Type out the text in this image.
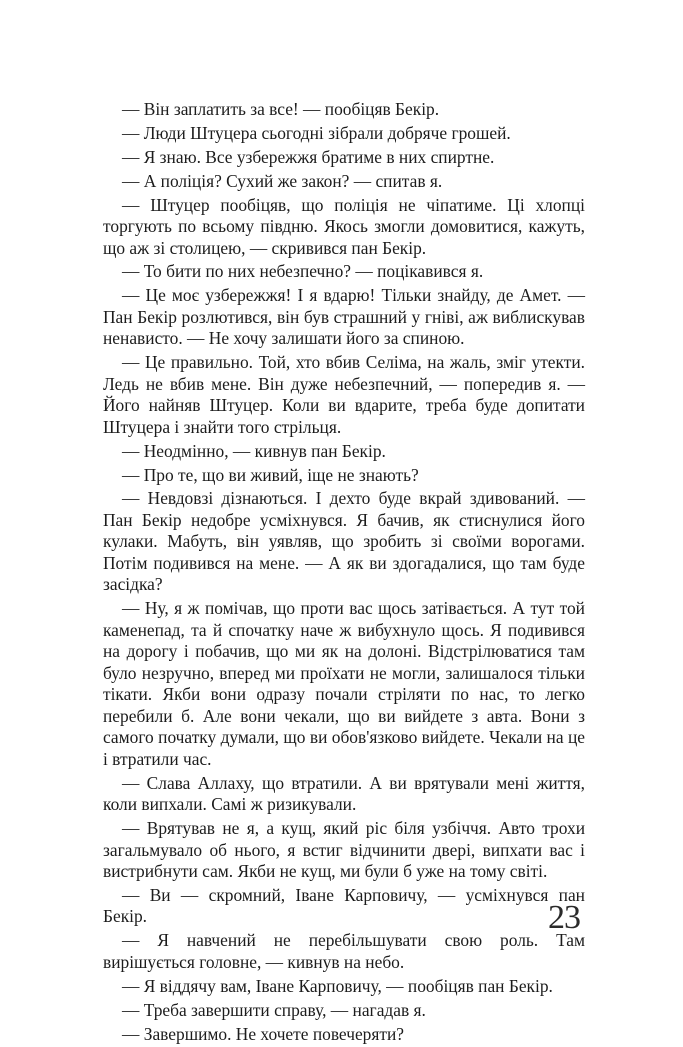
— Він заплатить за все! — пообіцяв Бекір.

— Люди Штуцера сьогодні зібрали добряче грошей.

— Я знаю. Все узбережжя братиме в них спиртне.

— А поліція? Сухий же закон? — спитав я.

— Штуцер пообіцяв, що поліція не чіпатиме. Ці хлопці торгують по всьому півдню. Якось змогли домовитися, кажуть, що аж зі столицею, — скривився пан Бекір.

— То бити по них небезпечно? — поцікавився я.

— Це моє узбережжя! І я вдарю! Тільки знайду, де Амет. — Пан Бекір розлютився, він був страшний у гніві, аж виблискував ненависто. — Не хочу залишати його за спиною.

— Це правильно. Той, хто вбив Селіма, на жаль, зміг утекти. Ледь не вбив мене. Він дуже небезпечний, — попередив я. — Його найняв Штуцер. Коли ви вдарите, треба буде допитати Штуцера і знайти того стрільця.

— Неодмінно, — кивнув пан Бекір.

— Про те, що ви живий, іще не знають?

— Невдовзі дізнаються. І дехто буде вкрай здивований. — Пан Бекір недобре усміхнувся. Я бачив, як стиснулися його кулаки. Мабуть, він уявляв, що зробить зі своїми ворогами. Потім подивився на мене. — А як ви здогадалися, що там буде засідка?

— Ну, я ж помічав, що проти вас щось затівається. А тут той каменепад, та й спочатку наче ж вибухнуло щось. Я подивився на дорогу і побачив, що ми як на долоні. Відстрілюватися там було незручно, вперед ми проїхати не могли, залишалося тільки тікати. Якби вони одразу почали стріляти по нас, то легко перебили б. Але вони чекали, що ви вийдете з авта. Вони з самого початку думали, що ви обов'язково вийдете. Чекали на це і втратили час.

— Слава Аллаху, що втратили. А ви врятували мені життя, коли випхали. Самі ж ризикували.

— Врятував не я, а кущ, який ріс біля узбіччя. Авто трохи загальмувало об нього, я встиг відчинити двері, випхати вас і вистрибнути сам. Якби не кущ, ми були б уже на тому світі.

— Ви — скромний, Іване Карповичу, — усміхнувся пан Бекір.

— Я навчений не перебільшувати свою роль. Там вирішується головне, — кивнув на небо.

— Я віддячу вам, Іване Карповичу, — пообіцяв пан Бекір.

— Треба завершити справу, — нагадав я.

— Завершимо. Не хочете повечеряти?

23
